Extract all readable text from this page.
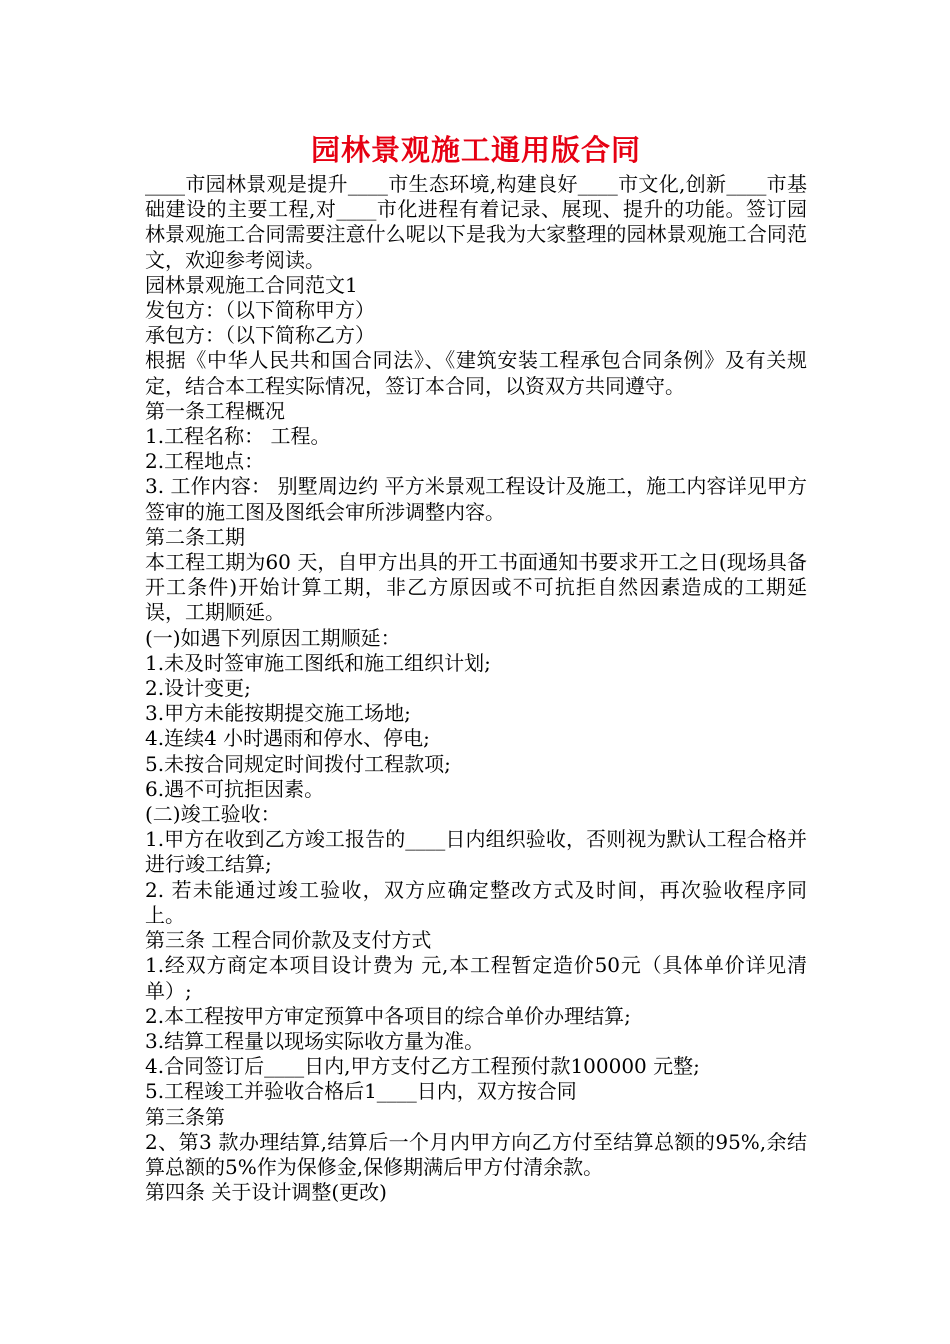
园林景观施工通用版合同

____市园林景观是提升____市生态环境,构建良好____市文化,创新____市基础建设的主要工程,对____市化进程有着记录、展现、提升的功能。签订园林景观施工合同需要注意什么呢以下是我为大家整理的园林景观施工合同范文，欢迎参考阅读。

园林景观施工合同范文1

发包方：（以下简称甲方）

承包方：（以下简称乙方）

根据《中华人民共和国合同法》、《建筑安装工程承包合同条例》及有关规定，结合本工程实际情况，签订本合同，以资双方共同遵守。

第一条工程概况

1.工程名称： 工程。

2.工程地点：

3. 工作内容： 别墅周边约 平方米景观工程设计及施工，施工内容详见甲方签审的施工图及图纸会审所涉调整内容。

第二条工期

本工程工期为60 天，自甲方出具的开工书面通知书要求开工之日(现场具备开工条件)开始计算工期，非乙方原因或不可抗拒自然因素造成的工期延误，工期顺延。

(一)如遇下列原因工期顺延：

1.未及时签审施工图纸和施工组织计划;

2.设计变更;

3.甲方未能按期提交施工场地;

4.连续4 小时遇雨和停水、停电;

5.未按合同规定时间拨付工程款项;

6.遇不可抗拒因素。

(二)竣工验收：

1.甲方在收到乙方竣工报告的____日内组织验收，否则视为默认工程合格并进行竣工结算;

2. 若未能通过竣工验收，双方应确定整改方式及时间，再次验收程序同上。

第三条 工程合同价款及支付方式

1.经双方商定本项目设计费为 元,本工程暂定造价50元（具体单价详见清单）;

2.本工程按甲方审定预算中各项目的综合单价办理结算;

3.结算工程量以现场实际收方量为准。

4.合同签订后____日内,甲方支付乙方工程预付款100000 元整;

5.工程竣工并验收合格后1____日内，双方按合同

第三条第

2、第3 款办理结算,结算后一个月内甲方向乙方付至结算总额的95%,余结算总额的5%作为保修金,保修期满后甲方付清余款。

第四条 关于设计调整(更改)
